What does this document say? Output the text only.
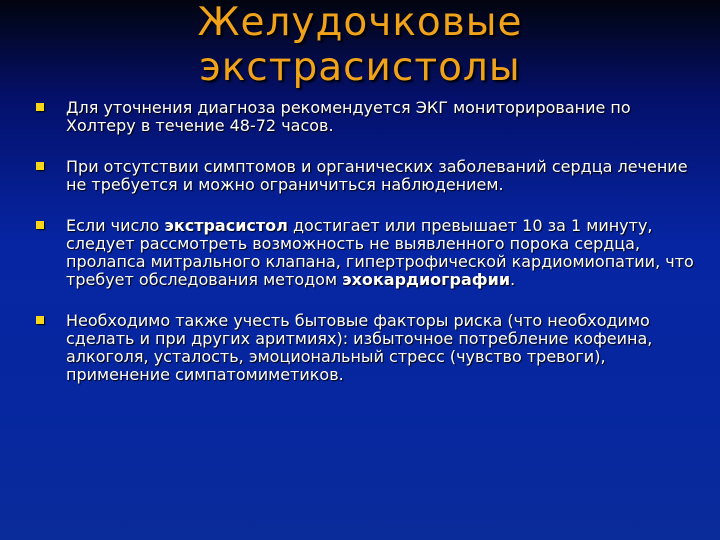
Желудочковые
экстрасистолы
Для уточнения диагноза рекомендуется ЭКГ мониторирование по Холтеру в течение 48-72 часов.
При отсутствии симптомов и органических заболеваний сердца лечение не требуется и можно ограничиться наблюдением.
Если число экстрасистол достигает или превышает 10 за 1 минуту, следует рассмотреть возможность не выявленного порока сердца, пролапса митрального клапана, гипертрофической кардиомиопатии, что требует обследования методом эхокардиографии.
Необходимо также учесть бытовые факторы риска (что необходимо сделать и при других аритмиях): избыточное потребление кофеина, алкоголя, усталость, эмоциональный стресс (чувство тревоги), применение симпатомиметиков.
